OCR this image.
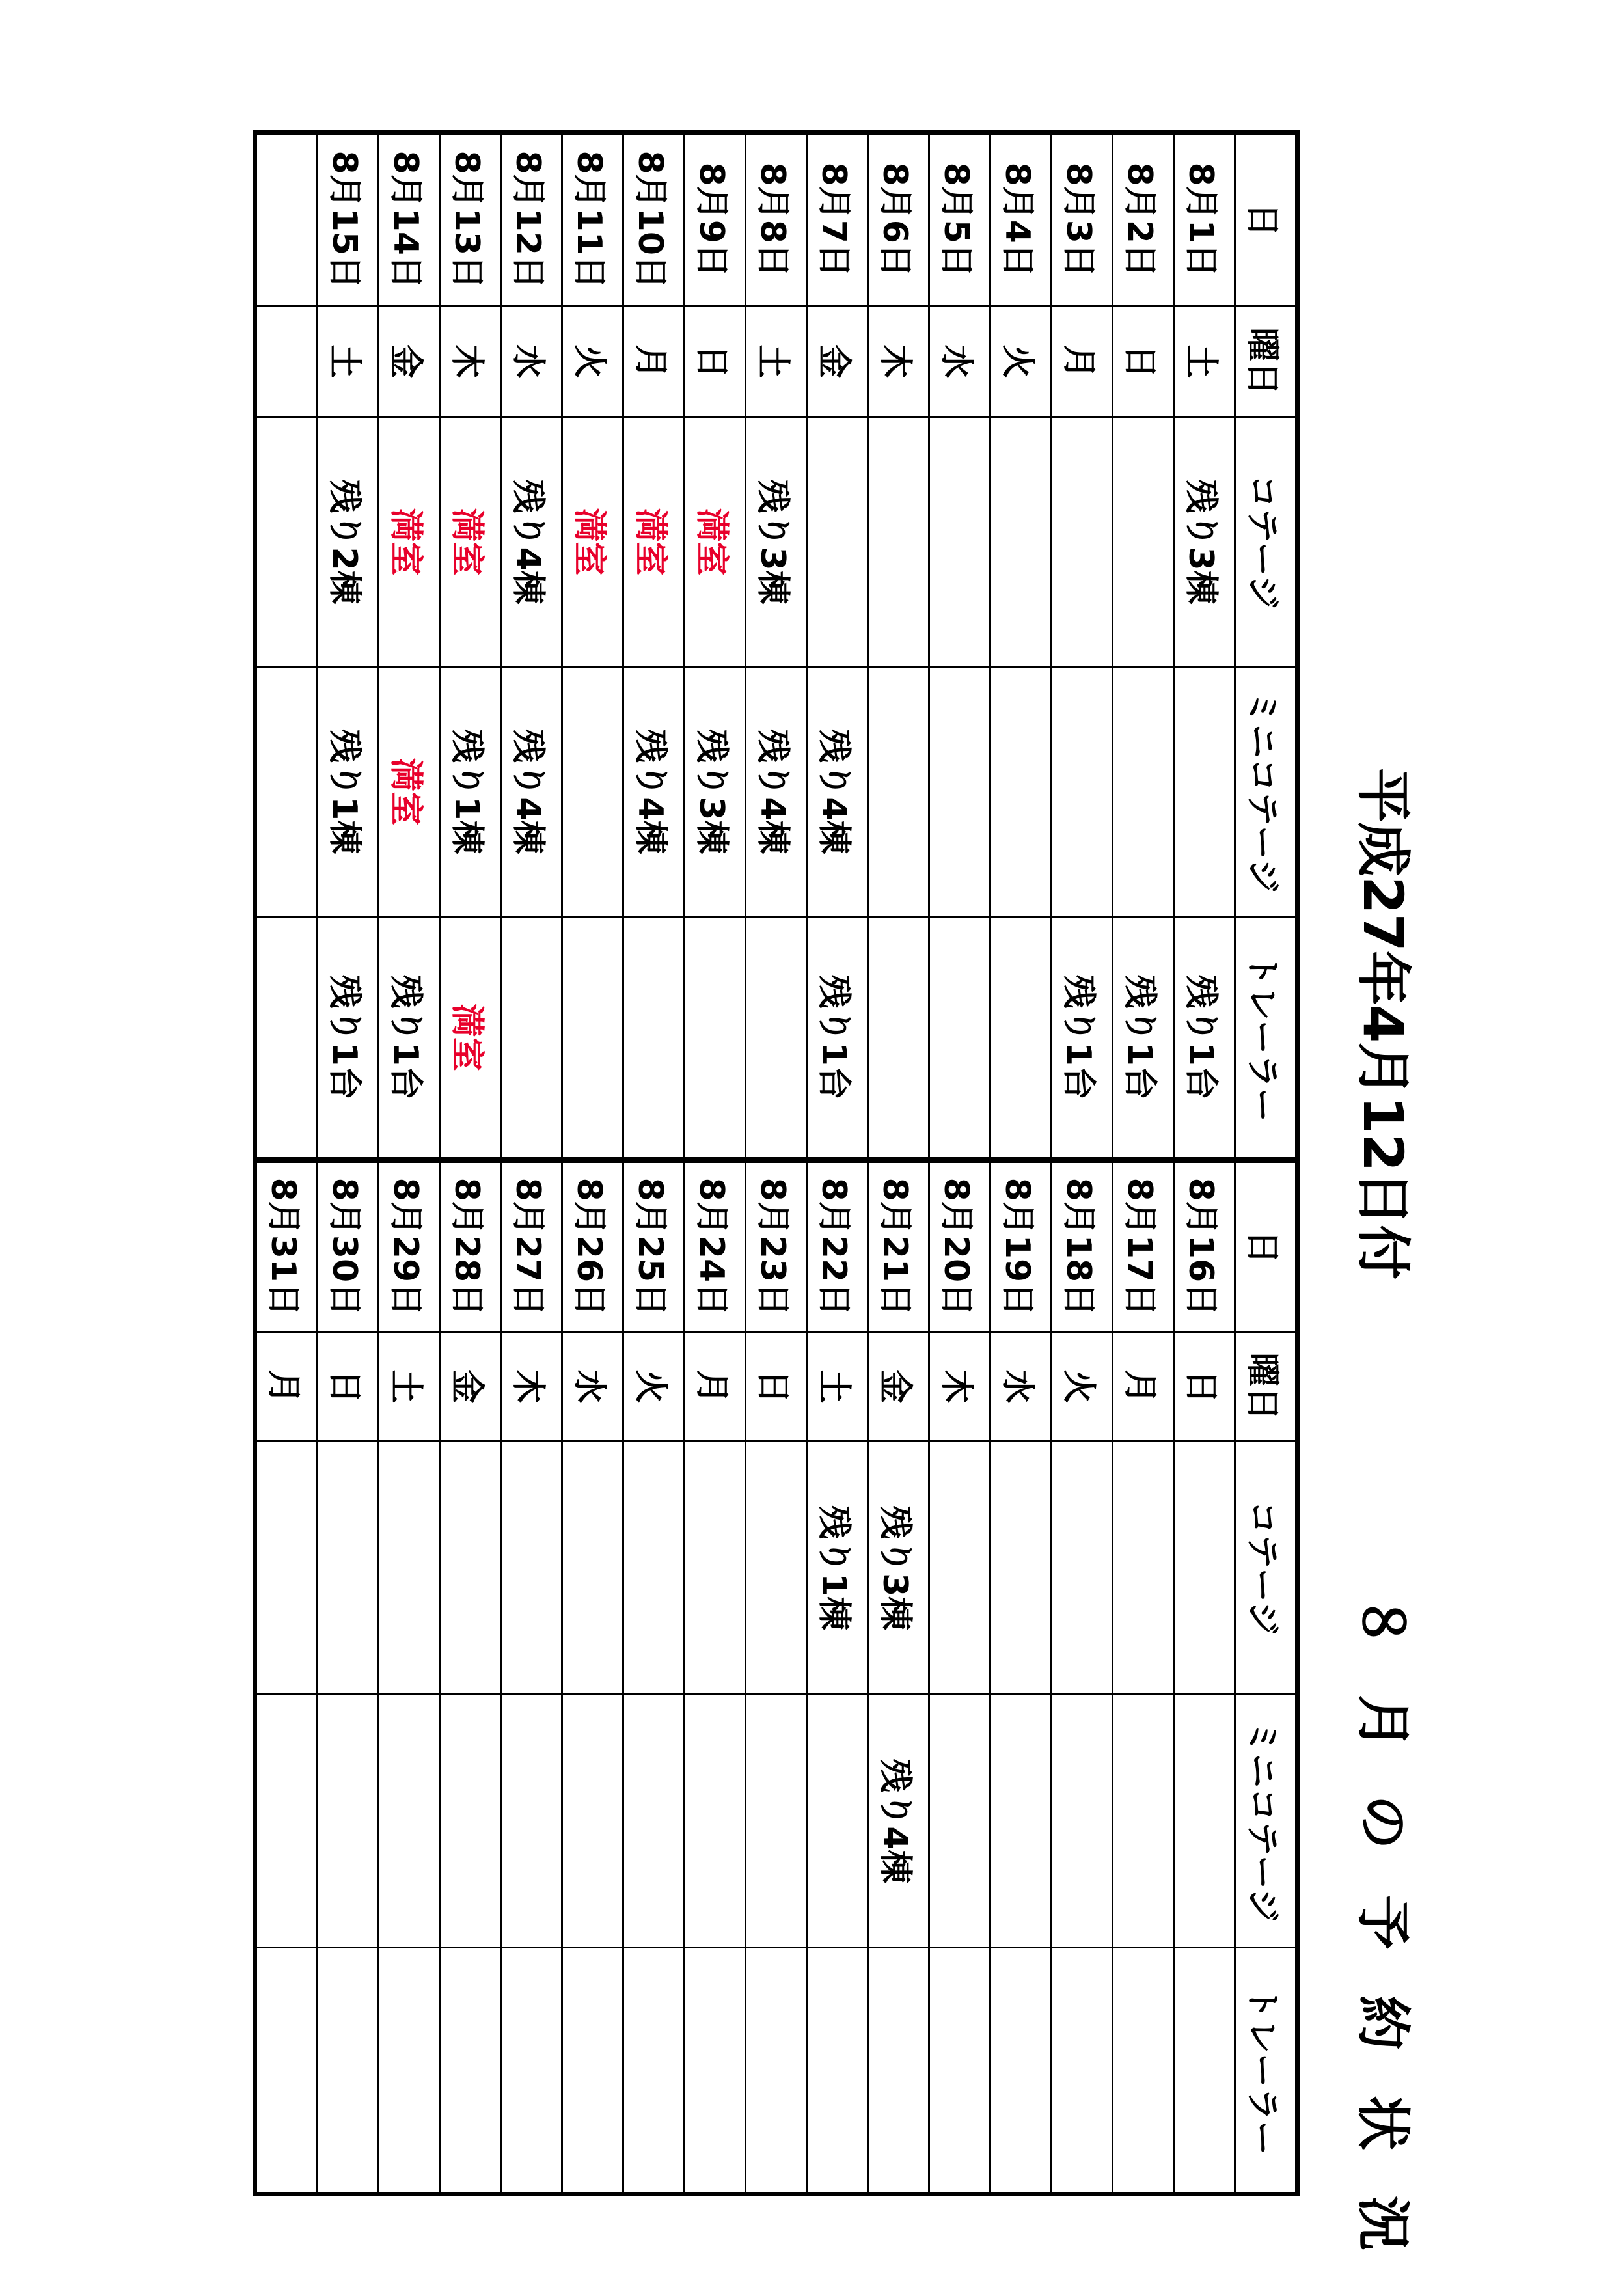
平成27年4月12日付
８月の予約状況
日	曜日	コテージ	ミニコテージ	トレーラー
8月1日	土	残り3棟		残り1台
8月2日	日			残り1台
8月3日	月			残り1台
8月4日	火			
8月5日	水			
8月6日	木			
8月7日	金		残り4棟	残り1台
8月8日	土	残り3棟	残り4棟	
8月9日	日	満室	残り3棟	
8月10日	月	満室	残り4棟	
8月11日	火	満室		
8月12日	水	残り4棟	残り4棟	
8月13日	木	満室	残り1棟	満室
8月14日	金	満室	満室	残り1台
8月15日	土	残り2棟	残り1棟	残り1台

日	曜日	コテージ	ミニコテージ	トレーラー
8月16日	日			
8月17日	月			
8月18日	火			
8月19日	水			
8月20日	木			
8月21日	金	残り3棟	残り4棟	
8月22日	土	残り1棟		
8月23日	日			
8月24日	月			
8月25日	火			
8月26日	水			
8月27日	木			
8月28日	金			
8月29日	土			
8月30日	日			
8月31日	月			
